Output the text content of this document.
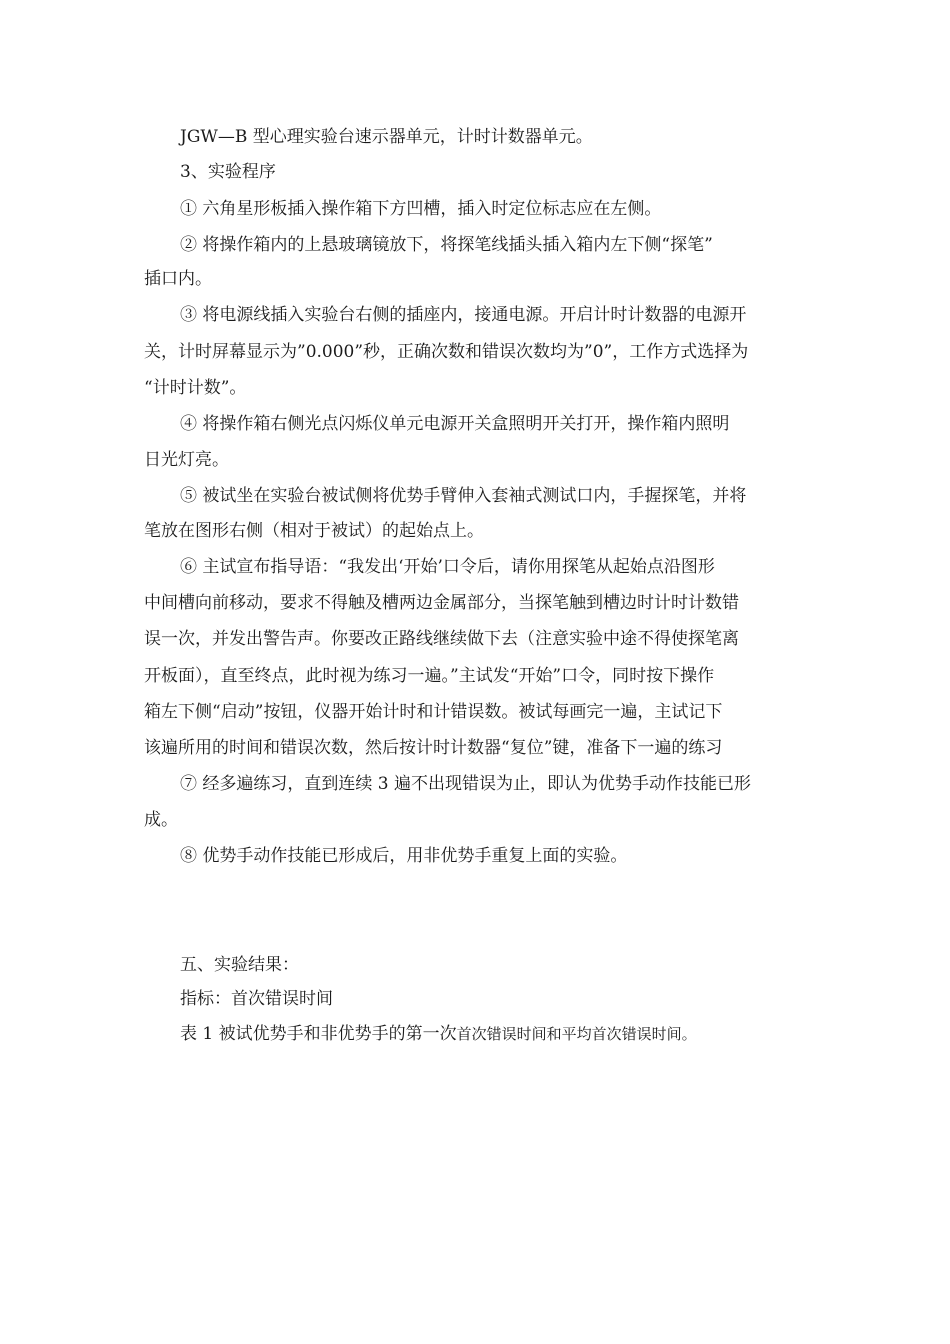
JGW—B 型心理实验台速示器单元，计时计数器单元。
3、实验程序
① 六角星形板插入操作箱下方凹槽，插入时定位标志应在左侧。
② 将操作箱内的上悬玻璃镜放下，将探笔线插头插入箱内左下侧“探笔”
插口内。
③ 将电源线插入实验台右侧的插座内，接通电源。开启计时计数器的电源开
关，计时屏幕显示为”0.000”秒，正确次数和错误次数均为”0”，工作方式选择为
“计时计数”。
④ 将操作箱右侧光点闪烁仪单元电源开关盒照明开关打开，操作箱内照明
日光灯亮。
⑤ 被试坐在实验台被试侧将优势手臂伸入套袖式测试口内，手握探笔，并将
笔放在图形右侧（相对于被试）的起始点上。
⑥ 主试宣布指导语：“我发出‘开始’口令后，请你用探笔从起始点沿图形
中间槽向前移动，要求不得触及槽两边金属部分，当探笔触到槽边时计时计数错
误一次，并发出警告声。你要改正路线继续做下去（注意实验中途不得使探笔离
开板面），直至终点，此时视为练习一遍。”主试发“开始”口令，同时按下操作
箱左下侧“启动”按钮，仪器开始计时和计错误数。被试每画完一遍，主试记下
该遍所用的时间和错误次数，然后按计时计数器“复位”键，准备下一遍的练习
⑦ 经多遍练习，直到连续 3 遍不出现错误为止，即认为优势手动作技能已形
成。
⑧ 优势手动作技能已形成后，用非优势手重复上面的实验。
五、实验结果：
指标：首次错误时间
表 1 被试优势手和非优势手的第一次首次错误时间和平均首次错误时间。
